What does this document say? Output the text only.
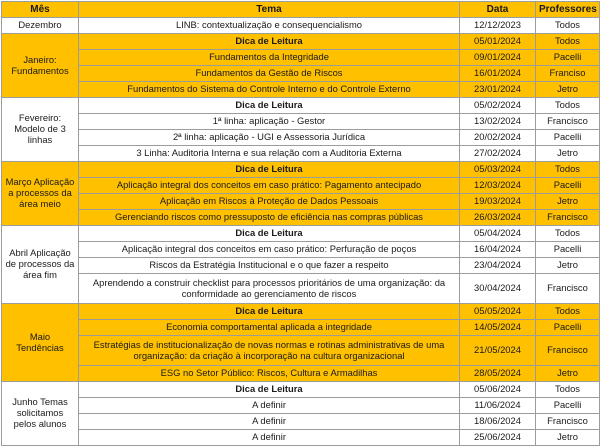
Mês	Tema	Data	Professores
Dezembro	LINB: contextualização e consequencialismo	12/12/2023	Todos
Janeiro: Fundamentos	Dica de Leitura	05/01/2024	Todos
	Fundamentos da Integridade	09/01/2024	Pacelli
	Fundamentos da Gestão de Riscos	16/01/2024	Franciso
	Fundamentos do Sistema do Controle Interno e do Controle Externo	23/01/2024	Jetro
Fevereiro: Modelo de 3 linhas	Dica de Leitura	05/02/2024	Todos
	1ª linha: aplicação - Gestor	13/02/2024	Francisco
	2ª linha: aplicação - UGI e Assessoria Jurídica	20/02/2024	Pacelli
	3 Linha: Auditoria Interna e sua relação com a Auditoria Externa	27/02/2024	Jetro
Março Aplicação a processos da área meio	Dica de Leitura	05/03/2024	Todos
	Aplicação integral dos conceitos em caso prático: Pagamento antecipado	12/03/2024	Pacelli
	Aplicação em Riscos à Proteção de Dados Pessoais	19/03/2024	Jetro
	Gerenciando riscos como pressuposto de eficiência nas compras públicas	26/03/2024	Francisco
Abril Aplicação de processos da área fim	Dica de Leitura	05/04/2024	Todos
	Aplicação integral dos conceitos em caso prático: Perfuração de poços	16/04/2024	Pacelli
	Riscos da Estratégia Institucional e o que fazer a respeito	23/04/2024	Jetro
	Aprendendo a construir checklist para processos prioritários de uma organização: da conformidade ao gerenciamento de riscos	30/04/2024	Francisco
Maio Tendências	Dica de Leitura	05/05/2024	Todos
	Economia comportamental aplicada a integridade	14/05/2024	Pacelli
	Estratégias de institucionalização de novas normas e rotinas administrativas de uma organização: da criação à incorporação na cultura organizacional	21/05/2024	Francisco
	ESG no Setor Público: Riscos, Cultura e Armadilhas	28/05/2024	Jetro
Junho Temas solicitamos pelos alunos	Dica de Leitura	05/06/2024	Todos
	A definir	11/06/2024	Pacelli
	A definir	18/06/2024	Francisco
	A definir	25/06/2024	Jetro
